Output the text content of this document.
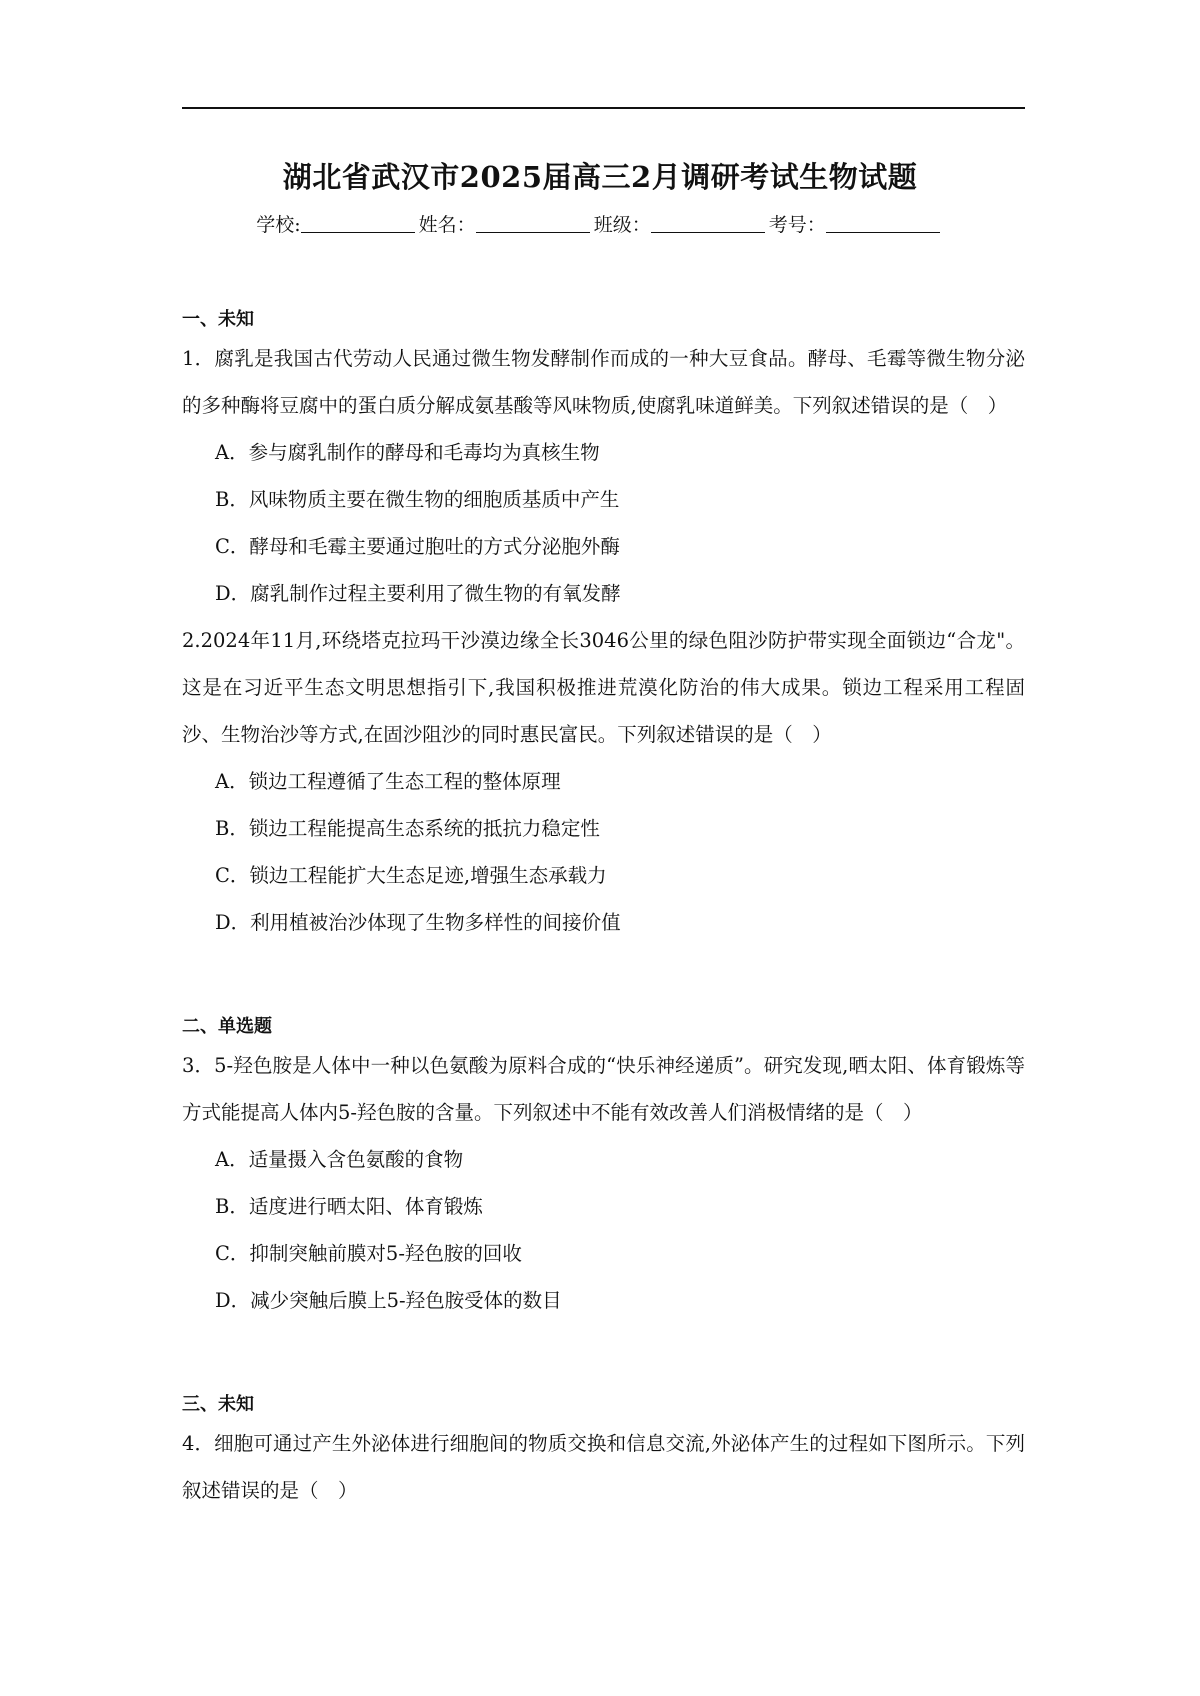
湖北省武汉市2025届高三2月调研考试生物试题
学校:	姓名：	班级：	考号：
一、未知
1．腐乳是我国古代劳动人民通过微生物发酵制作而成的一种大豆食品。酵母、毛霉等微生物分泌的多种酶将豆腐中的蛋白质分解成氨基酸等风味物质,使腐乳味道鲜美。下列叙述错误的是（　）
A．参与腐乳制作的酵母和毛毒均为真核生物
B．风味物质主要在微生物的细胞质基质中产生
C．酵母和毛霉主要通过胞吐的方式分泌胞外酶
D．腐乳制作过程主要利用了微生物的有氧发酵
2.2024年11月,环绕塔克拉玛干沙漠边缘全长3046公里的绿色阻沙防护带实现全面锁边“合龙"。这是在习近平生态文明思想指引下,我国积极推进荒漠化防治的伟大成果。锁边工程采用工程固沙、生物治沙等方式,在固沙阻沙的同时惠民富民。下列叙述错误的是（　）
A．锁边工程遵循了生态工程的整体原理
B．锁边工程能提高生态系统的抵抗力稳定性
C．锁边工程能扩大生态足迹,增强生态承载力
D．利用植被治沙体现了生物多样性的间接价值
二、单选题
3．5-羟色胺是人体中一种以色氨酸为原料合成的“快乐神经递质”。研究发现,晒太阳、体育锻炼等方式能提高人体内5-羟色胺的含量。下列叙述中不能有效改善人们消极情绪的是（　）
A．适量摄入含色氨酸的食物
B．适度进行晒太阳、体育锻炼
C．抑制突触前膜对5-羟色胺的回收
D．减少突触后膜上5-羟色胺受体的数目
三、未知
4．细胞可通过产生外泌体进行细胞间的物质交换和信息交流,外泌体产生的过程如下图所示。下列叙述错误的是（　）
